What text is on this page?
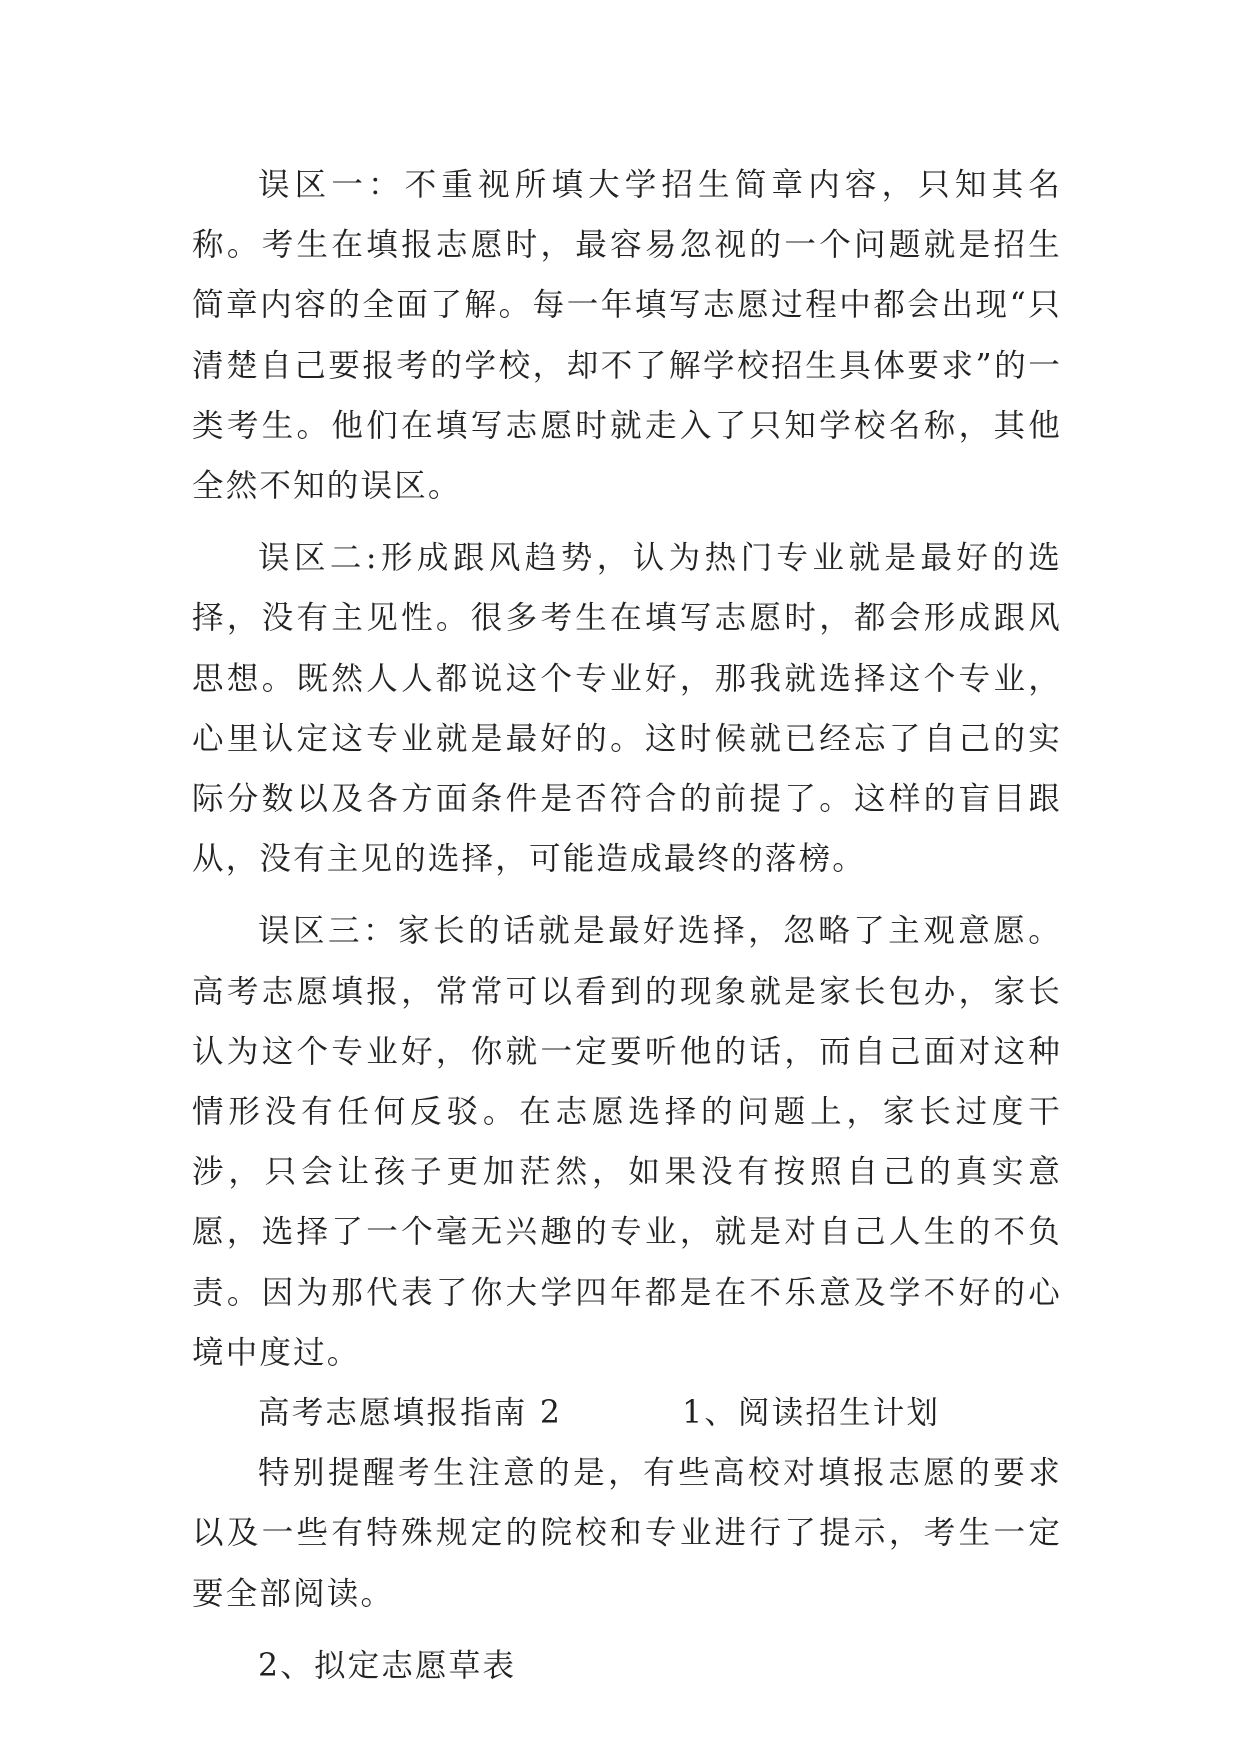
误区一：不重视所填大学招生简章内容，只知其名称。考生在填报志愿时，最容易忽视的一个问题就是招生简章内容的全面了解。每一年填写志愿过程中都会出现“只清楚自己要报考的学校，却不了解学校招生具体要求”的一类考生。他们在填写志愿时就走入了只知学校名称，其他全然不知的误区。

误区二:形成跟风趋势，认为热门专业就是最好的选择，没有主见性。很多考生在填写志愿时，都会形成跟风思想。既然人人都说这个专业好，那我就选择这个专业，心里认定这专业就是最好的。这时候就已经忘了自己的实际分数以及各方面条件是否符合的前提了。这样的盲目跟从，没有主见的选择，可能造成最终的落榜。

误区三：家长的话就是最好选择，忽略了主观意愿。高考志愿填报，常常可以看到的现象就是家长包办，家长认为这个专业好，你就一定要听他的话，而自己面对这种情形没有任何反驳。在志愿选择的问题上，家长过度干涉，只会让孩子更加茫然，如果没有按照自己的真实意愿，选择了一个毫无兴趣的专业，就是对自己人生的不负责。因为那代表了你大学四年都是在不乐意及学不好的心境中度过。

高考志愿填报指南 2	1、阅读招生计划

特别提醒考生注意的是，有些高校对填报志愿的要求以及一些有特殊规定的院校和专业进行了提示，考生一定要全部阅读。

2、拟定志愿草表
